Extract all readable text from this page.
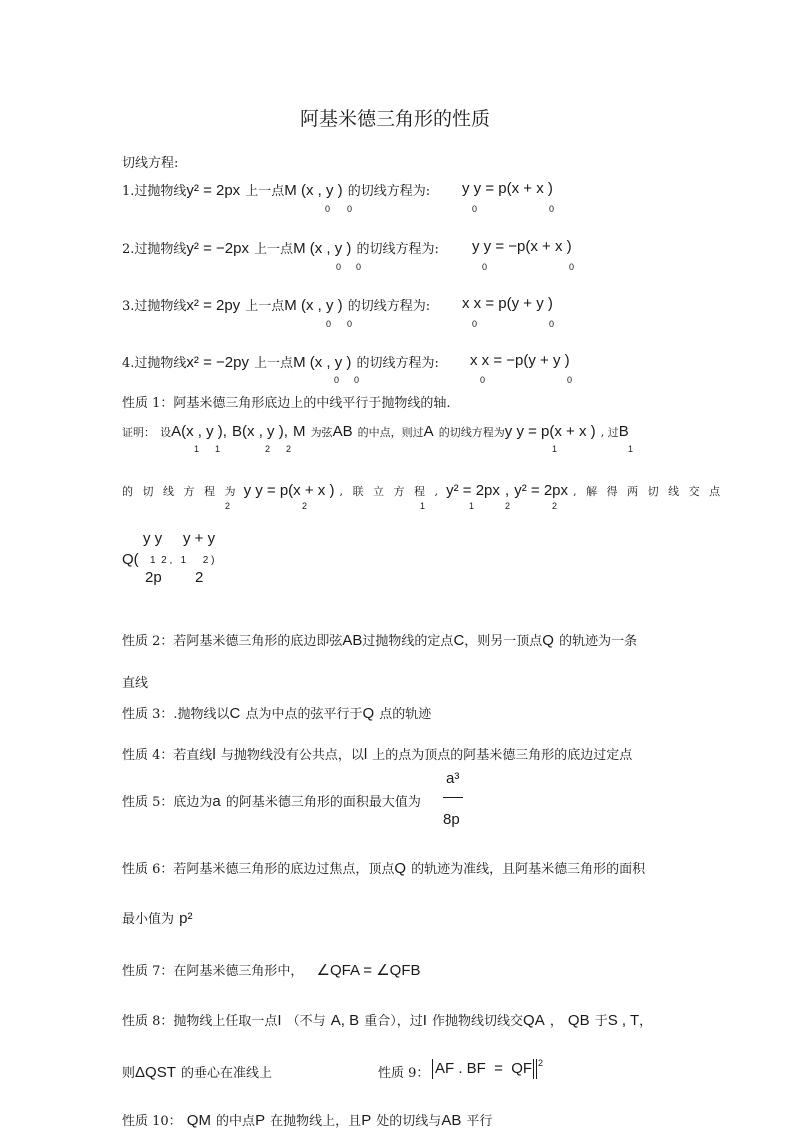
阿基米德三角形的性质
切线方程:
1.过抛物线y² = 2px 上一点M (x , y ) 的切线方程为: y y = p(x + x )
0 0	0	0
2.过抛物线y² = −2px 上一点M (x , y ) 的切线方程为: y y = −p(x + x )
0 0	0	0
3.过抛物线x² = 2py 上一点M (x , y ) 的切线方程为: x x = p(y + y )
0 0	0	0
4.过抛物线x² = −2py 上一点M (x , y ) 的切线方程为: x x = −p(y + y )
0 0	0	0
性质 1：阿基米德三角形底边上的中线平行于抛物线的轴.
证明： 设A(x , y ), B(x , y ), M 为弦AB 的中点，则过A 的切线方程为y y = p(x + x ) , 过B
1 1	2 2	1	1
的 切 线 方 程 为 y y = p(x + x ) , 联 立 方 程 , y² = 2px , y² = 2px , 解 得 两 切 线 交 点
2	2	1	1	2	2
y y     y + y
Q( 1  2 ,   1      2 )
2p        2
性质 2：若阿基米德三角形的底边即弦AB过抛物线的定点C，则另一顶点Q 的轨迹为一条
直线
性质 3：.抛物线以C 点为中点的弦平行于Q 点的轨迹
性质 4：若直线l 与抛物线没有公共点，以l 上的点为顶点的阿基米德三角形的底边过定点
性质 5：底边为a 的阿基米德三角形的面积最大值为
a³
8p
性质 6：若阿基米德三角形的底边过焦点，顶点Q 的轨迹为准线，且阿基米德三角形的面积
最小值为 p²
性质 7：在阿基米德三角形中， ∠QFA = ∠QFB
性质 8：抛物线上任取一点I （不与 A, B 重合），过I 作抛物线切线交QA ， QB 于S , T，
则ΔQST 的垂心在准线上	性质 9： AF . BF  =  QF 2
性质 10： QM 的中点P 在抛物线上，且P 处的切线与AB 平行
